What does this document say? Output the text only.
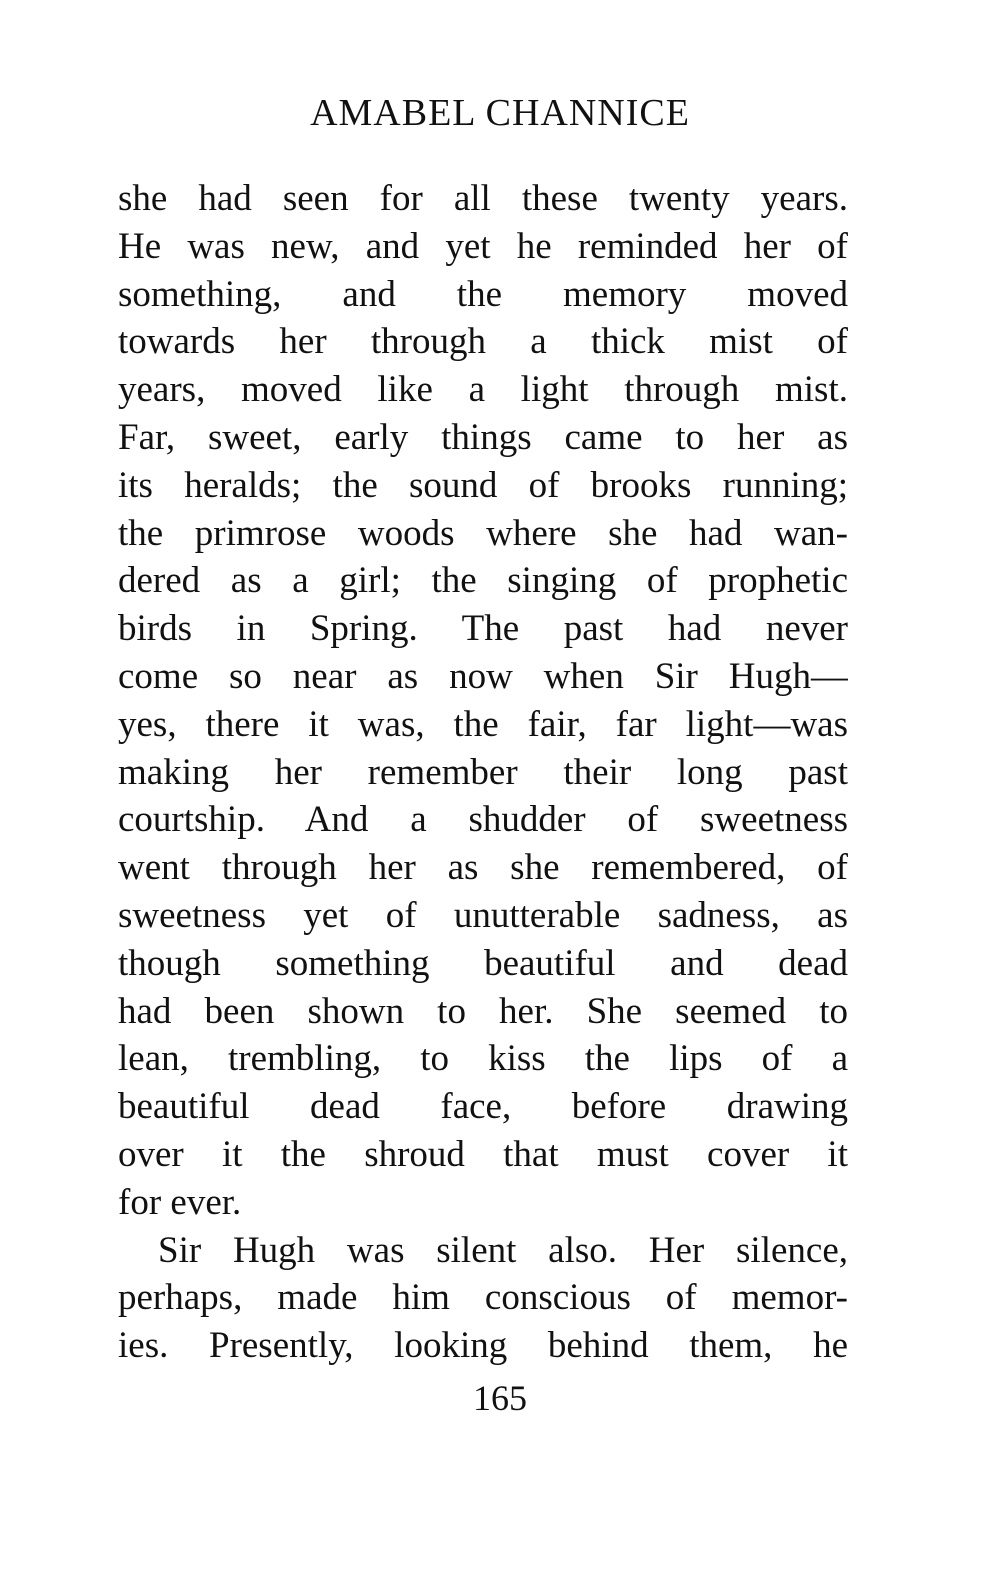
AMABEL CHANNICE
she had seen for all these twenty years.
He was new, and yet he reminded her of
something, and the memory moved
towards her through a thick mist of
years, moved like a light through mist.
Far, sweet, early things came to her as
its heralds; the sound of brooks running;
the primrose woods where she had wan-
dered as a girl; the singing of prophetic
birds in Spring. The past had never
come so near as now when Sir Hugh—
yes, there it was, the fair, far light—was
making her remember their long past
courtship. And a shudder of sweetness
went through her as she remembered, of
sweetness yet of unutterable sadness, as
though something beautiful and dead
had been shown to her. She seemed to
lean, trembling, to kiss the lips of a
beautiful dead face, before drawing
over it the shroud that must cover it
for ever.
Sir Hugh was silent also. Her silence,
perhaps, made him conscious of memor-
ies. Presently, looking behind them, he
165
